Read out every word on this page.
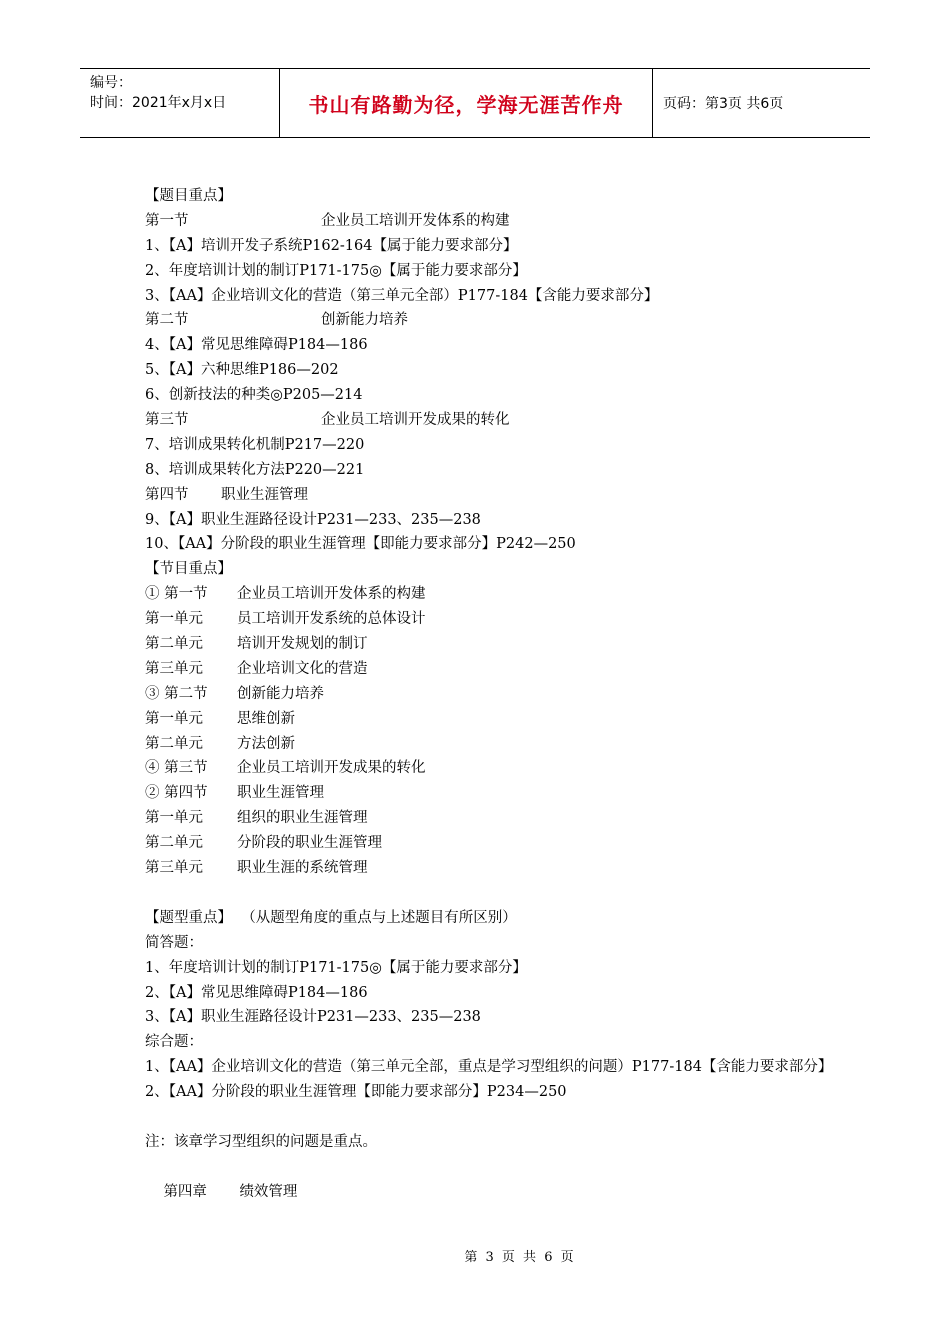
编号：
时间：2021年x月x日	书山有路勤为径，学海无涯苦作舟	页码：第3页 共6页
【题目重点】
第一节	企业员工培训开发体系的构建
1、【A】培训开发子系统P162-164【属于能力要求部分】
2、年度培训计划的制订P171-175◎【属于能力要求部分】
3、【AA】企业培训文化的营造（第三单元全部）P177-184【含能力要求部分】
第二节	创新能力培养
4、【A】常见思维障碍P184—186
5、【A】六种思维P186—202
6、创新技法的种类◎P205—214
第三节	企业员工培训开发成果的转化
7、培训成果转化机制P217—220
8、培训成果转化方法P220—221
第四节 职业生涯管理
9、【A】职业生涯路径设计P231—233、235—238
10、【AA】分阶段的职业生涯管理【即能力要求部分】P242—250
【节目重点】
① 第一节 企业员工培训开发体系的构建
第一单元 员工培训开发系统的总体设计
第二单元 培训开发规划的制订
第三单元 企业培训文化的营造
③ 第二节 创新能力培养
第一单元 思维创新
第二单元 方法创新
④ 第三节 企业员工培训开发成果的转化
② 第四节 职业生涯管理
第一单元 组织的职业生涯管理
第二单元 分阶段的职业生涯管理
第三单元 职业生涯的系统管理
【题型重点】  （从题型角度的重点与上述题目有所区别）
简答题：
1、年度培训计划的制订P171-175◎【属于能力要求部分】
2、【A】常见思维障碍P184—186
3、【A】职业生涯路径设计P231—233、235—238
综合题：
1、【AA】企业培训文化的营造（第三单元全部，重点是学习型组织的问题）P177-184【含能力要求部分】
2、【AA】分阶段的职业生涯管理【即能力要求部分】P234—250
注：该章学习型组织的问题是重点。

第四章 绩效管理

第 3 页 共 6 页
